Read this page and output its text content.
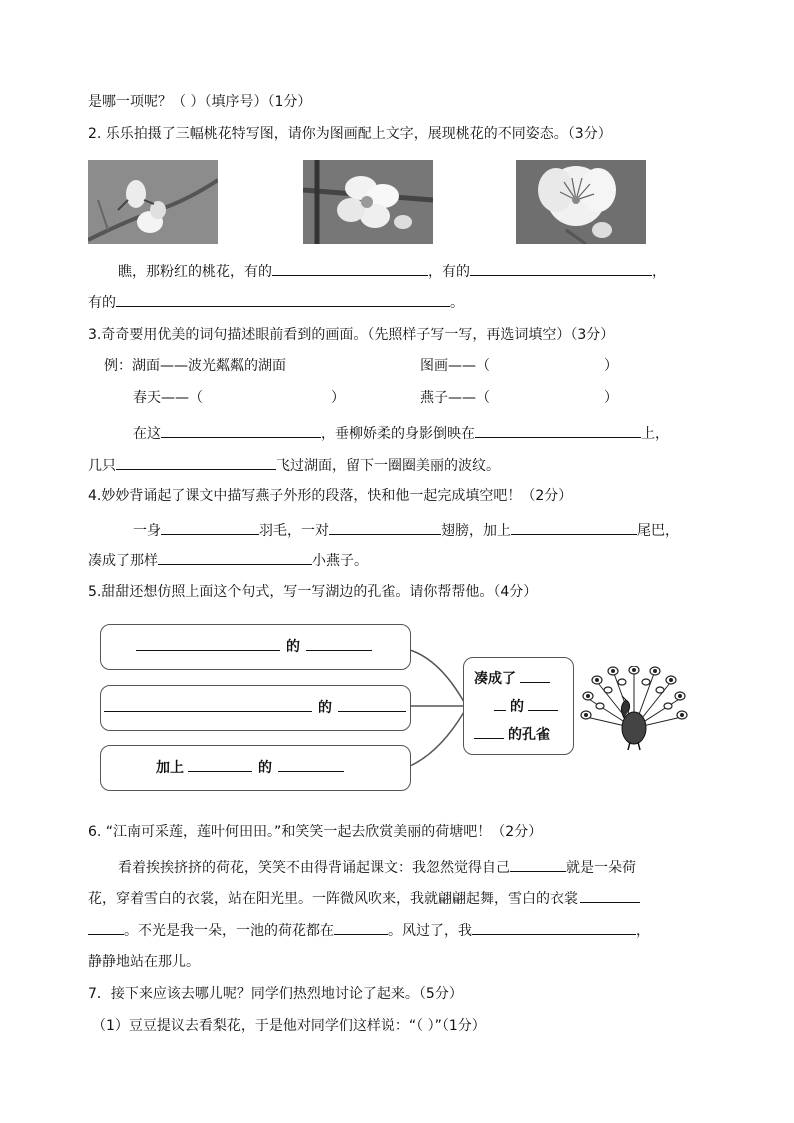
是哪一项呢？（ ）（填序号）（1分）
2. 乐乐拍摄了三幅桃花特写图，请你为图画配上文字，展现桃花的不同姿态。（3分）
瞧，那粉红的桃花，有的	，有的	，
有的	。
3.奇奇要用优美的词句描述眼前看到的画面。（先照样子写一写，再选词填空）（3分）
例：湖面——波光粼粼的湖面	图画——（	）
春天——（	）	燕子——（	）
在这	，垂柳娇柔的身影倒映在	上，
几只	飞过湖面，留下一圈圈美丽的波纹。
4.妙妙背诵起了课文中描写燕子外形的段落，快和他一起完成填空吧！（2分）
一身	羽毛，一对	翅膀，加上	尾巴，
凑成了那样	小燕子。
5.甜甜还想仿照上面这个句式，写一写湖边的孔雀。请你帮帮他。（4分）
的
的
加上	的
凑成了
的
的孔雀
6. “江南可采莲，莲叶何田田。”和笑笑一起去欣赏美丽的荷塘吧！（2分）
看着挨挨挤挤的荷花，笑笑不由得背诵起课文：我忽然觉得自己	就是一朵荷
花，穿着雪白的衣裳，站在阳光里。一阵微风吹来，我就翩翩起舞，雪白的衣裳
。不光是我一朵，一池的荷花都在	。风过了，我	，
静静地站在那儿。
7．接下来应该去哪儿呢？同学们热烈地讨论了起来。（5分）
（1）豆豆提议去看梨花，于是他对同学们这样说：“（ ）”（1分）
